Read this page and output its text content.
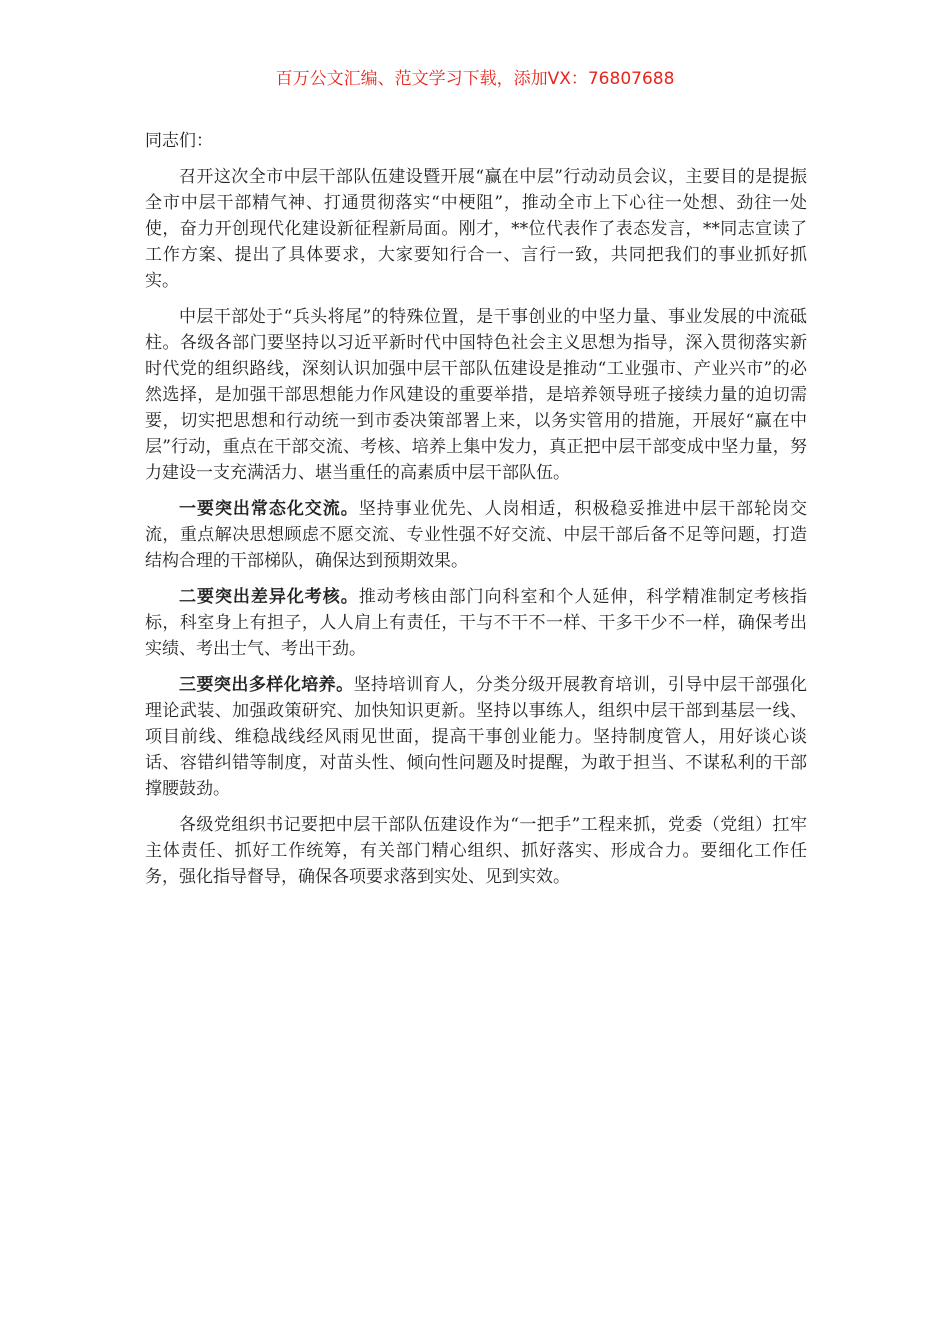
百万公文汇编、范文学习下载，添加VX：76807688

同志们：

召开这次全市中层干部队伍建设暨开展“赢在中层”行动动员会议，主要目的是提振全市中层干部精气神、打通贯彻落实“中梗阻”，推动全市上下心往一处想、劲往一处使，奋力开创现代化建设新征程新局面。刚才，**位代表作了表态发言，**同志宣读了工作方案、提出了具体要求，大家要知行合一、言行一致，共同把我们的事业抓好抓实。

中层干部处于“兵头将尾”的特殊位置，是干事创业的中坚力量、事业发展的中流砥柱。各级各部门要坚持以习近平新时代中国特色社会主义思想为指导，深入贯彻落实新时代党的组织路线，深刻认识加强中层干部队伍建设是推动“工业强市、产业兴市”的必然选择，是加强干部思想能力作风建设的重要举措，是培养领导班子接续力量的迫切需要，切实把思想和行动统一到市委决策部署上来，以务实管用的措施，开展好“赢在中层”行动，重点在干部交流、考核、培养上集中发力，真正把中层干部变成中坚力量，努力建设一支充满活力、堪当重任的高素质中层干部队伍。

一要突出常态化交流。坚持事业优先、人岗相适，积极稳妥推进中层干部轮岗交流，重点解决思想顾虑不愿交流、专业性强不好交流、中层干部后备不足等问题，打造结构合理的干部梯队，确保达到预期效果。

二要突出差异化考核。推动考核由部门向科室和个人延伸，科学精准制定考核指标，科室身上有担子，人人肩上有责任，干与不干不一样、干多干少不一样，确保考出实绩、考出士气、考出干劲。

三要突出多样化培养。坚持培训育人，分类分级开展教育培训，引导中层干部强化理论武装、加强政策研究、加快知识更新。坚持以事练人，组织中层干部到基层一线、项目前线、维稳战线经风雨见世面，提高干事创业能力。坚持制度管人，用好谈心谈话、容错纠错等制度，对苗头性、倾向性问题及时提醒，为敢于担当、不谋私利的干部撑腰鼓劲。

各级党组织书记要把中层干部队伍建设作为“一把手”工程来抓，党委（党组）扛牢主体责任、抓好工作统筹，有关部门精心组织、抓好落实、形成合力。要细化工作任务，强化指导督导，确保各项要求落到实处、见到实效。
